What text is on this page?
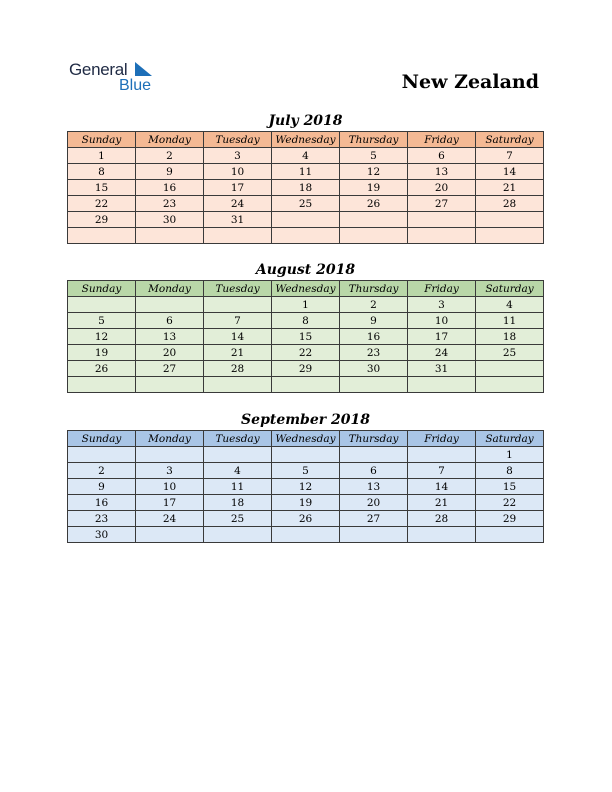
General
Blue	New Zealand
July 2018
Sunday	Monday	Tuesday	Wednesday	Thursday	Friday	Saturday
1	2	3	4	5	6	7
8	9	10	11	12	13	14
15	16	17	18	19	20	21
22	23	24	25	26	27	28
29	30	31				

August 2018
Sunday	Monday	Tuesday	Wednesday	Thursday	Friday	Saturday
			1	2	3	4
5	6	7	8	9	10	11
12	13	14	15	16	17	18
19	20	21	22	23	24	25
26	27	28	29	30	31	

September 2018
Sunday	Monday	Tuesday	Wednesday	Thursday	Friday	Saturday
						1
2	3	4	5	6	7	8
9	10	11	12	13	14	15
16	17	18	19	20	21	22
23	24	25	26	27	28	29
30						
